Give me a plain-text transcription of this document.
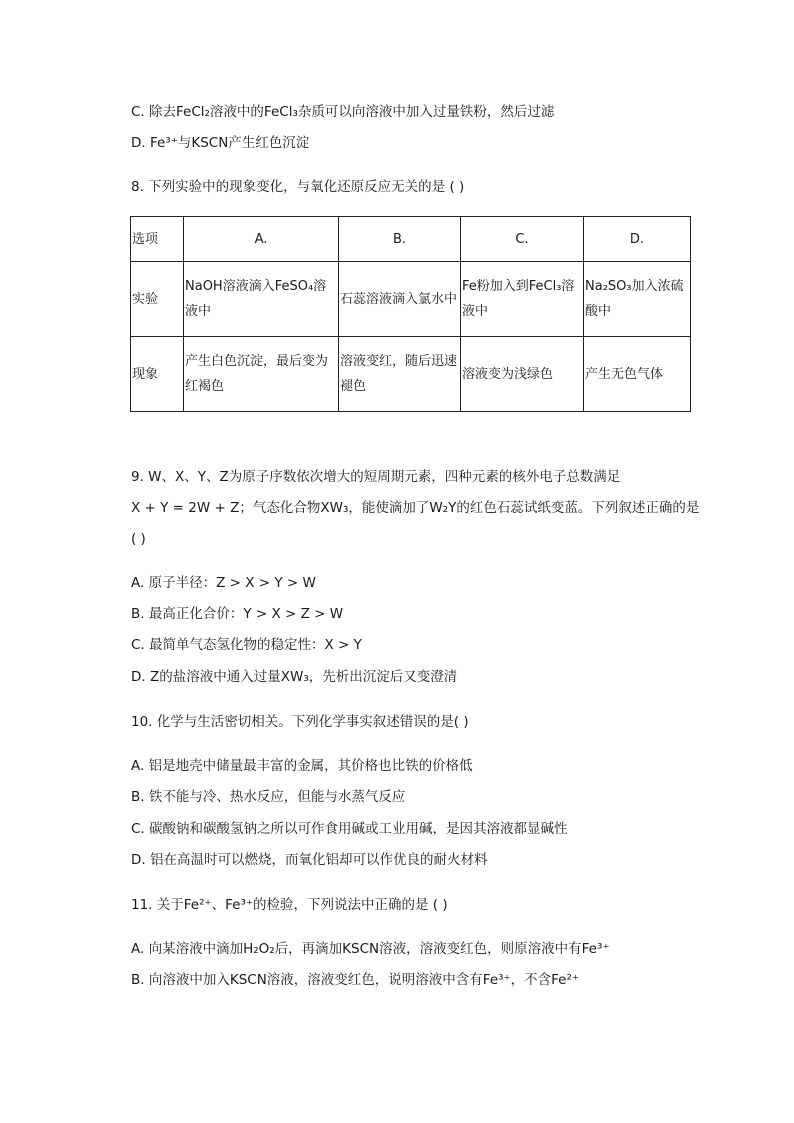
C. 除去FeCl₂溶液中的FeCl₃杂质可以向溶液中加入过量铁粉，然后过滤
D. Fe³⁺与KSCN产生红色沉淀
8. 下列实验中的现象变化，与氧化还原反应无关的是 ( )
选项	A.	B.	C.	D.
实验	NaOH溶液滴入FeSO₄溶液中	石蕊溶液滴入氯水中	Fe粉加入到FeCl₃溶液中	Na₂SO₃加入浓硫酸中
现象	产生白色沉淀，最后变为红褐色	溶液变红，随后迅速褪色	溶液变为浅绿色	产生无色气体
9. W、X、Y、Z为原子序数依次增大的短周期元素，四种元素的核外电子总数满足
X + Y = 2W + Z；气态化合物XW₃，能使滴加了W₂Y的红色石蕊试纸变蓝。下列叙述正确的是
( )
A. 原子半径：Z > X > Y > W
B. 最高正化合价：Y > X > Z > W
C. 最简单气态氢化物的稳定性：X > Y
D. Z的盐溶液中通入过量XW₃，先析出沉淀后又变澄清
10. 化学与生活密切相关。下列化学事实叙述错误的是( )
A. 铝是地壳中储量最丰富的金属，其价格也比铁的价格低
B. 铁不能与冷、热水反应，但能与水蒸气反应
C. 碳酸钠和碳酸氢钠之所以可作食用碱或工业用碱，是因其溶液都显碱性
D. 铝在高温时可以燃烧，而氧化铝却可以作优良的耐火材料
11. 关于Fe²⁺、Fe³⁺的检验，下列说法中正确的是 ( )
A. 向某溶液中滴加H₂O₂后，再滴加KSCN溶液，溶液变红色，则原溶液中有Fe³⁺
B. 向溶液中加入KSCN溶液，溶液变红色，说明溶液中含有Fe³⁺，不含Fe²⁺
